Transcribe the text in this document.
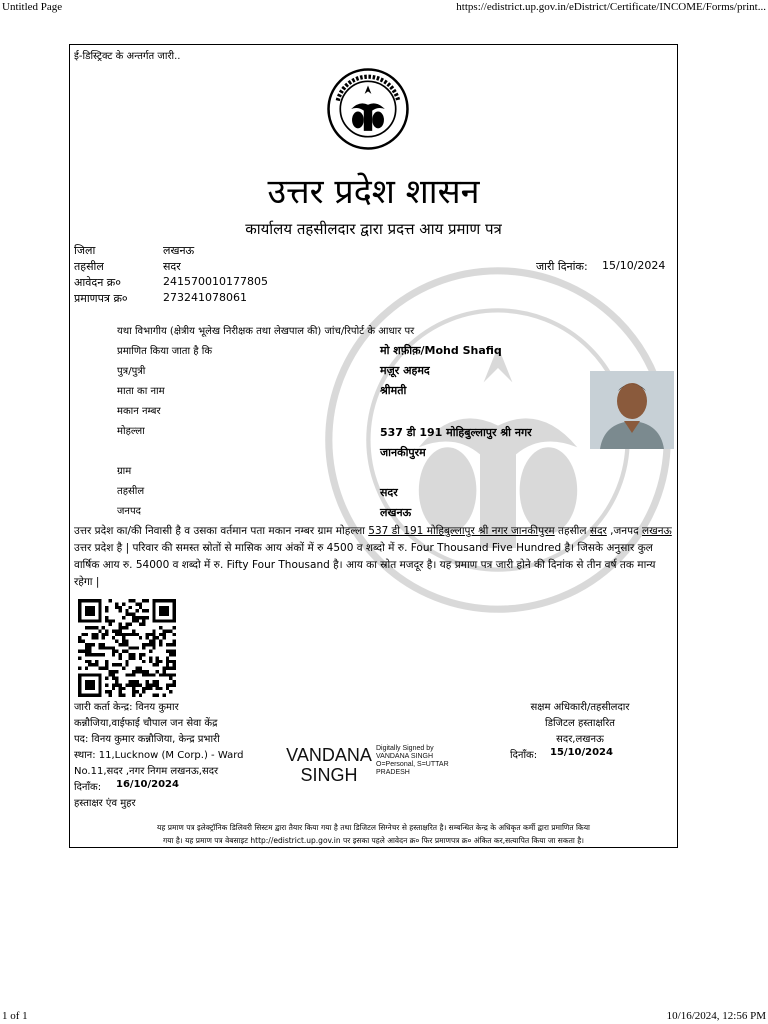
Untitled Page	https://edistrict.up.gov.in/eDistrict/Certificate/INCOME/Forms/print...
ई-डिस्ट्रिक्ट के अन्तर्गत जारी..
उत्तर प्रदेश शासन
कार्यालय तहसीलदार द्वारा प्रदत्त आय प्रमाण पत्र
जिला	लखनऊ
तहसील	सदर
आवेदन क्र०	241570010177805
प्रमाणपत्र क्र०	273241078061
जारी दिनांक: 15/10/2024
यथा विभागीय (क्षेत्रीय भूलेख निरीक्षक तथा लेखपाल की) जांच/रिपोर्ट के आधार पर
प्रमाणित किया जाता है कि	मो शफ़ीक़/Mohd Shafiq
पुत्र/पुत्री	मज़ूर अहमद
माता का नाम	श्रीमती
मकान नम्बर
मोहल्ला	537 डी 191 मोहिबुल्लापुर श्री नगर
जानकीपुरम
ग्राम
तहसील	सदर
जनपद	लखनऊ
उत्तर प्रदेश का/की निवासी है व उसका वर्तमान पता मकान नम्बर ग्राम मोहल्ला 537 डी 191 मोहिबुल्लापुर श्री नगर जानकीपुरम तहसील सदर ,जनपद लखनऊ उत्तर प्रदेश है | परिवार की समस्त स्रोतों से मासिक आय अंकों में रु 4500 व शब्दो में रु. Four Thousand Five Hundred है। जिसके अनुसार कुल वार्षिक आय रु. 54000 व शब्दो में रु. Fifty Four Thousand है। आय का स्रोत मजदूर है। यह प्रमाण पत्र जारी होने की दिनांक से तीन वर्ष तक मान्य रहेगा |
जारी कर्ता केन्द्र: विनय कुमार
कन्नौजिया,वाईफाई चौपाल जन सेवा केंद्र
पद: विनय कुमार कन्नौजिया, केन्द्र प्रभारी
स्थान: 11,Lucknow (M Corp.) - Ward
No.11,सदर ,नगर निगम लखनऊ,सदर
दिनाँक: 16/10/2024
हस्ताक्षर एंव मुहर
VANDANA
SINGH
Digitally Signed by
VANDANA SINGH
O=Personal, S=UTTAR
PRADESH
सक्षम अधिकारी/तहसीलदार
डिजिटल हस्ताक्षरित
सदर,लखनऊ
दिनाँक: 15/10/2024
यह प्रमाण पत्र इलेक्ट्रॉनिक डिलिवरी सिस्टम द्वारा तैयार किया गया है तथा डिजिटल सिग्नेचर से हस्ताक्षरित है। सम्बन्धित केन्द्र के अधिकृत कर्मी द्वारा प्रमाणित किया
गया है। यह प्रमाण पत्र वेबसाइट http://edistrict.up.gov.in पर इसका पहले आवेदन क्र० फिर प्रमाणपत्र क्र० अंकित कर,सत्यापित किया जा सकता है।
1 of 1	10/16/2024, 12:56 PM
